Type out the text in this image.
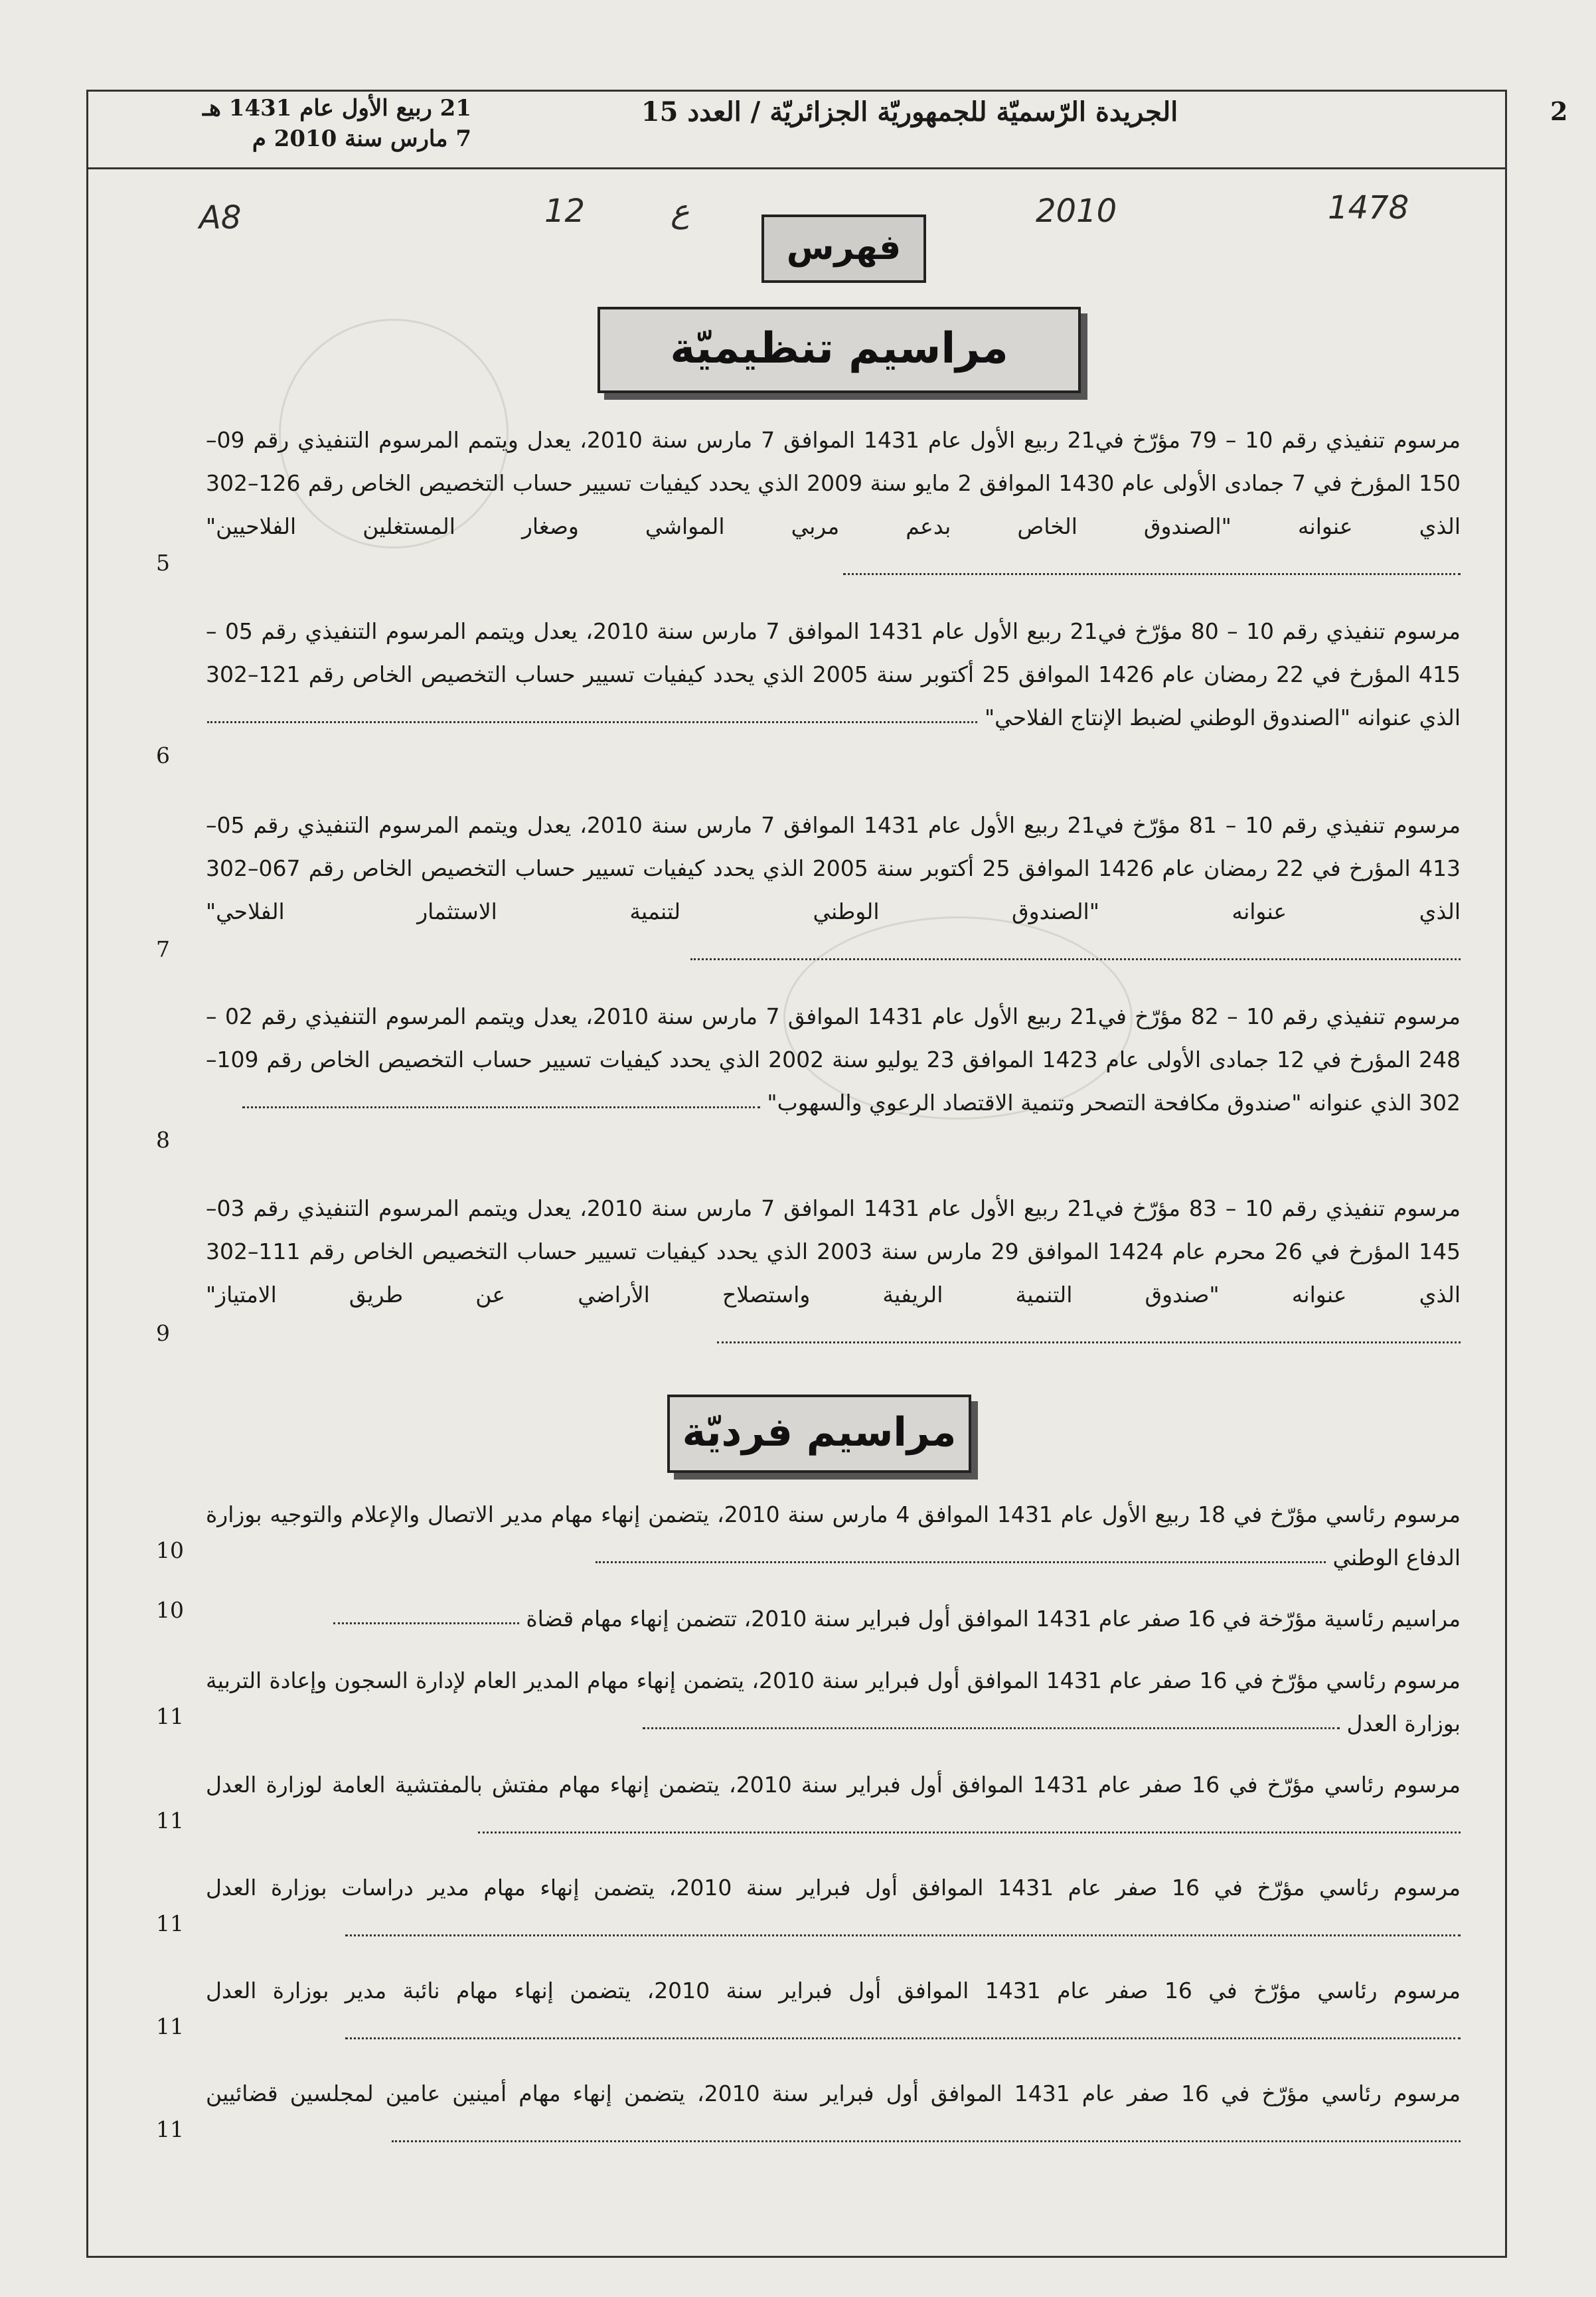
2
الجريدة الرّسميّة للجمهوريّة الجزائريّة / العدد 15
21 ربيع الأول عام 1431 هـ
7 مارس سنة 2010 م
A8	12	ع	2010	1478
فهرس
مراسيم تنظيميّة
مرسوم تنفيذي رقم 10 – 79 مؤرّخ في21 ربيع الأول عام 1431 الموافق 7 مارس سنة 2010، يعدل ويتمم المرسوم التنفيذي رقم 09–150 المؤرخ في 7 جمادى الأولى عام 1430 الموافق 2 مايو سنة 2009 الذي يحدد كيفيات تسيير حساب التخصيص الخاص رقم 126–302 الذي عنوانه "الصندوق الخاص بدعم مربي المواشي وصغار المستغلين الفلاحيين"
5
مرسوم تنفيذي رقم 10 – 80 مؤرّخ في21 ربيع الأول عام 1431 الموافق 7 مارس سنة 2010، يعدل ويتمم المرسوم التنفيذي رقم 05 –415 المؤرخ في 22 رمضان عام 1426 الموافق 25 أكتوبر سنة 2005 الذي يحدد كيفيات تسيير حساب التخصيص الخاص رقم 121–302 الذي عنوانه "الصندوق الوطني لضبط الإنتاج الفلاحي"
6
مرسوم تنفيذي رقم 10 – 81 مؤرّخ في21 ربيع الأول عام 1431 الموافق 7 مارس سنة 2010، يعدل ويتمم المرسوم التنفيذي رقم 05–413 المؤرخ في 22 رمضان عام 1426 الموافق 25 أكتوبر سنة 2005 الذي يحدد كيفيات تسيير حساب التخصيص الخاص رقم 067–302 الذي عنوانه "الصندوق الوطني لتنمية الاستثمار الفلاحي"
7
مرسوم تنفيذي رقم 10 – 82 مؤرّخ في21 ربيع الأول عام 1431 الموافق 7 مارس سنة 2010، يعدل ويتمم المرسوم التنفيذي رقم 02 – 248 المؤرخ في 12 جمادى الأولى عام 1423 الموافق 23 يوليو سنة 2002 الذي يحدد كيفيات تسيير حساب التخصيص الخاص رقم 109–302 الذي عنوانه "صندوق مكافحة التصحر وتنمية الاقتصاد الرعوي والسهوب"
8
مرسوم تنفيذي رقم 10 – 83 مؤرّخ في21 ربيع الأول عام 1431 الموافق 7 مارس سنة 2010، يعدل ويتمم المرسوم التنفيذي رقم 03–145 المؤرخ في 26 محرم عام 1424 الموافق 29 مارس سنة 2003 الذي يحدد كيفيات تسيير حساب التخصيص الخاص رقم 111–302 الذي عنوانه "صندوق التنمية الريفية واستصلاح الأراضي عن طريق الامتياز"
9
مراسيم فرديّة
مرسوم رئاسي مؤرّخ في 18 ربيع الأول عام 1431 الموافق 4 مارس سنة 2010، يتضمن إنهاء مهام مدير الاتصال والإعلام والتوجيه بوزارة الدفاع الوطني
10
مراسيم رئاسية مؤرّخة في 16 صفر عام 1431 الموافق أول فبراير سنة 2010، تتضمن إنهاء مهام قضاة
10
مرسوم رئاسي مؤرّخ في 16 صفر عام 1431 الموافق أول فبراير سنة 2010، يتضمن إنهاء مهام المدير العام لإدارة السجون وإعادة التربية بوزارة العدل
11
مرسوم رئاسي مؤرّخ في 16 صفر عام 1431 الموافق أول فبراير سنة 2010، يتضمن إنهاء مهام مفتش بالمفتشية العامة لوزارة العدل
11
مرسوم رئاسي مؤرّخ في 16 صفر عام 1431 الموافق أول فبراير سنة 2010، يتضمن إنهاء مهام مدير دراسات بوزارة العدل
11
مرسوم رئاسي مؤرّخ في 16 صفر عام 1431 الموافق أول فبراير سنة 2010، يتضمن إنهاء مهام نائبة مدير بوزارة العدل
11
مرسوم رئاسي مؤرّخ في 16 صفر عام 1431 الموافق أول فبراير سنة 2010، يتضمن إنهاء مهام أمينين عامين لمجلسين قضائيين
11
